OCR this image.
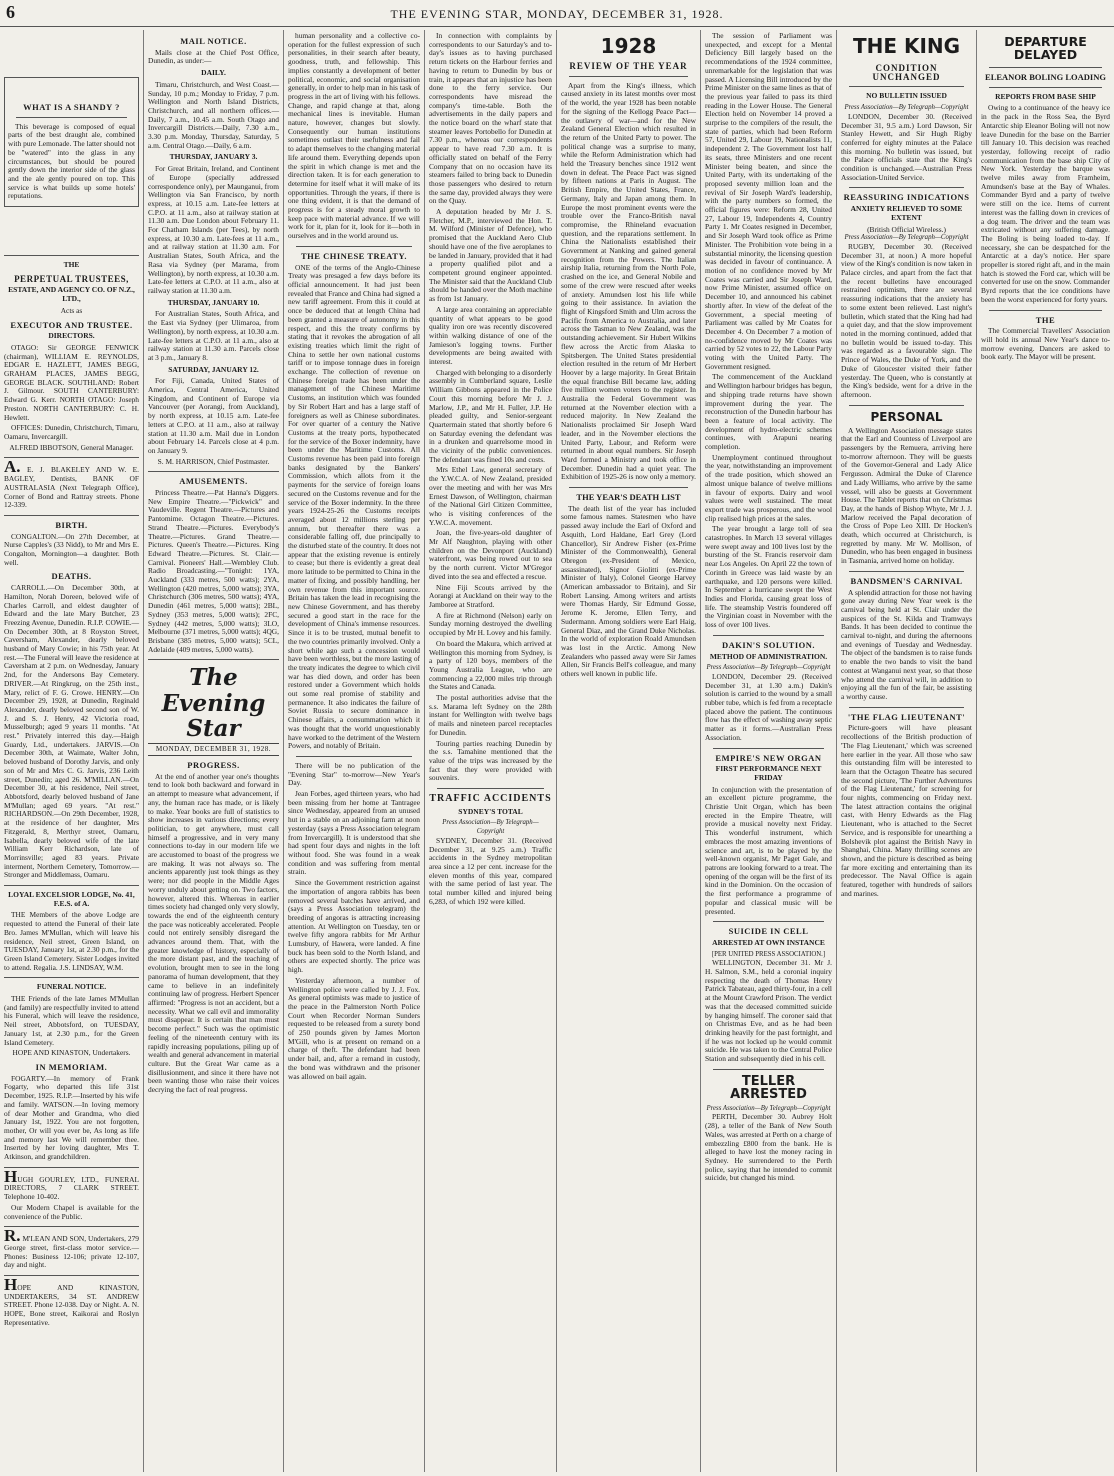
6	THE EVENING STAR, MONDAY, DECEMBER 31, 1928.
WHAT IS A SHANDY ?

This beverage is composed of equal parts of the best draught ale, combined with pure Lemonade. The latter should not be "watered" into the glass in any circumstances, but should be poured gently down the interior side of the glass and the ale gently poured on top. This service is what builds up some hotels' reputations.

THE
PERPETUAL TRUSTEES,
ESTATE, AND AGENCY CO. OF N.Z., LTD.,
Acts as
EXECUTOR AND TRUSTEE.
DIRECTORS.

OTAGO: Sir GEORGE FENWICK (chairman), WILLIAM E. REYNOLDS, EDGAR E. HAZLETT, JAMES BEGG, GRAHAM PLACES, JAMES BEGG, GEORGE BLACK. SOUTHLAND: Robert J. Gilmour. SOUTH CANTERBURY: Edward G. Kerr. NORTH OTAGO: Joseph Preston. NORTH CANTERBURY: C. H. Hewlett.

OFFICES: Dunedin, Christchurch, Timaru, Oamaru, Invercargill.

ALFRED IBBOTSON, General Manager.

A. E. J. BLAKELEY AND W. E. BAGLEY, Dentists, BANK OF AUSTRALASIA (Next Telegraph Office), Corner of Bond and Rattray streets. Phone 12-339.

BIRTH.

CONGALTON.—On 27th December, at Nurse Capples's (33 Nidd), to Mr and Mrs E. Congalton, Mornington—a daughter. Both well.

DEATHS.

CARROLL.—On December 30th, at Hamilton, Norah Doreen, beloved wife of Charles Carroll, and eldest daughter of Edward and the late Mary Butcher, 23 Freezing Avenue, Dunedin. R.I.P. COWIE.—On December 30th, at 8 Royston Street, Caversham, Alexander, dearly beloved husband of Mary Cowie; in his 75th year. At rest.—The Funeral will leave the residence at Caversham at 2 p.m. on Wednesday, January 2nd, for the Andersons Bay Cemetery. DRIVER.—At Ringkrug, on the 25th inst., Mary, relict of F. G. Crowe. HENRY.—On December 29, 1928, at Dunedin, Reginald Alexander, dearly beloved second son of W. J. and S. J. Henry, 42 Victoria road, Musselburgh; aged 9 years 11 months. "At rest." Privately interred this day.—Haigh Guardy, Ltd., undertakers. JARVIS.—On December 30th, at Waimate, Walter John, beloved husband of Dorothy Jarvis, and only son of Mr and Mrs C. G. Jarvis, 236 Leith street, Dunedin; aged 26. M'MILLAN.—On December 30, at his residence, Neil street, Abbotsford, dearly beloved husband of Jane M'Mullan; aged 69 years. "At rest." RICHARDSON.—On 29th December, 1928, at the residence of her daughter, Mrs Fitzgerald, 8, Merthyr street, Oamaru, Isabella, dearly beloved wife of the late William Kerr Richardson, late of Morrinsville; aged 83 years. Private interment, Northern Cemetery, Tomorrow.—Stronger and Middlemass, Oamaru.

LOYAL EXCELSIOR LODGE, No. 41, F.E.S. of A.

THE Members of the above Lodge are requested to attend the Funeral of their late Bro. James M'Mullan, which will leave his residence, Neil street, Green Island, on TUESDAY, January 1st, at 2.30 p.m., for the Green Island Cemetery. Sister Lodges invited to attend. Regalia. J.S. LINDSAY, W.M.

FUNERAL NOTICE.

THE Friends of the late James M'Mullan (and family) are respectfully invited to attend his Funeral, which will leave the residence, Neil street, Abbotsford, on TUESDAY, January 1st, at 2.30 p.m., for the Green Island Cemetery.

HOPE AND KINASTON, Undertakers.
IN MEMORIAM.

FOGARTY.—In memory of Frank Fogarty, who departed this life 31st December, 1925. R.I.P.—Inserted by his wife and family. WATSON.—In loving memory of dear Mother and Grandma, who died January 1st, 1922. You are not forgotten, mother, Or will you ever be, As long as life and memory last We will remember thee. Inserted by her loving daughter, Mrs T. Atkinson, and grandchildren.

HUGH GOURLEY, LTD., FUNERAL DIRECTORS, 7 CLARK STREET. Telephone 10-402.

Our Modern Chapel is available for the convenience of the Public.

R. M'LEAN AND SON, Undertakers, 279 George street, first-class motor service.—Phones: Business 12-106; private 12-107, day and night.

HOPE AND KINASTON, UNDERTAKERS, 34 ST. ANDREW STREET. Phone 12-038. Day or Night. A. N. HOPE, Bone street, Kaikorai and Roslyn Representative.

MAIL NOTICE.

Mails close at the Chief Post Office, Dunedin, as under:—

DAILY.

Timaru, Christchurch, and West Coast.—Sunday, 10 p.m.; Monday to Friday, 7 p.m. Wellington and North Island Districts, Christchurch, and all northern offices.—Daily, 7 a.m., 10.45 a.m. South Otago and Invercargill Districts.—Daily, 7.30 a.m., 3.30 p.m. Monday, Thursday, Saturday, 5 a.m. Central Otago.—Daily, 6 a.m.

THURSDAY, JANUARY 3.

For Great Britain, Ireland, and Continent of Europe (specially addressed correspondence only), per Maunganui, from Wellington via San Francisco, by north express, at 10.15 a.m. Late-fee letters at C.P.O. at 11 a.m., also at railway station at 11.30 a.m. Due London about February 11. For Chatham Islands (per Tees), by north express, at 10.30 a.m. Late-fees at 11 a.m., and at railway station at 11.30 a.m. For Australian States, South Africa, and the Rasa via Sydney (per Marama, from Wellington), by north express, at 10.30 a.m. Late-fee letters at C.P.O. at 11 a.m., also at railway station at 11.30 a.m.

THURSDAY, JANUARY 10.

For Australian States, South Africa, and the East via Sydney (per Ulimaroa, from Wellington), by north express, at 10.30 a.m. Late-fee letters at C.P.O. at 11 a.m., also at railway station at 11.30 a.m. Parcels close at 3 p.m., January 8.

SATURDAY, JANUARY 12.

For Fiji, Canada, United States of America, Central America, United Kingdom, and Continent of Europe via Vancouver (per Aorangi, from Auckland), by north express, at 10.15 a.m. Late-fee letters at C.P.O. at 11 a.m., also at railway station at 11.30 a.m. Mail due in London about February 14. Parcels close at 4 p.m. on January 9.

S. M. HARRISON, Chief Postmaster.
AMUSEMENTS.

Princess Theatre.—Pat Hanna's Diggers. New Empire Theatre.—"Pickwick" and Vaudeville. Regent Theatre.—Pictures and Pantomime. Octagon Theatre.—Pictures. Strand Theatre.—Pictures. Everybody's Theatre.—Pictures. Grand Theatre.—Pictures. Queen's Theatre.—Pictures. King Edward Theatre.—Pictures. St. Clair.—Carnival. Pioneers' Hall.—Wembley Club. Radio Broadcasting.—"Tonight: 1YA, Auckland (333 metres, 500 watts); 2YA, Wellington (420 metres, 5,000 watts); 3YA, Christchurch (306 metres, 500 watts); 4YA, Dunedin (461 metres, 5,000 watts); 2BL, Sydney (353 metres, 5,000 watts); 2FC, Sydney (442 metres, 5,000 watts); 3LO, Melbourne (371 metres, 5,000 watts); 4QG, Brisbane (385 metres, 5,000 watts); 5CL, Adelaide (409 metres, 5,000 watts).

The Evening Star
MONDAY, DECEMBER 31, 1928.
PROGRESS.

At the end of another year one's thoughts tend to look both backward and forward in an attempt to measure what advancement, if any, the human race has made, or is likely to make. Year books are full of statistics to show increases in various directions; every politician, to get anywhere, must call himself a progressive, and in very many connections to-day in our modern life we are accustomed to boast of the progress we are making. It was not always so. The ancients apparently just took things as they were; nor did people in the Middle Ages worry unduly about getting on. Two factors, however, altered this. Whereas in earlier times society had changed only very slowly, towards the end of the eighteenth century the pace was noticeably accelerated. People could not entirely sensibly disregard the advances around them. That, with the greater knowledge of history, especially of the more distant past, and the teaching of evolution, brought men to see in the long panorama of human development, that they came to believe in an indefinitely continuing law of progress. Herbert Spencer affirmed: "Progress is not an accident, but a necessity. What we call evil and immorality must disappear. It is certain that man must become perfect." Such was the optimistic feeling of the nineteenth century with its rapidly increasing populations, piling up of wealth and general advancement in material culture. But the Great War came as a disillusionment, and since it there have not been wanting those who raise their voices decrying the fact of real progress.

human personality and a collective co-operation for the fullest expression of such personalities, in their search after beauty, goodness, truth, and fellowship. This implies constantly a development of better political, economic, and social organisation generally, in order to help man in his task of progress in the art of living with his fellows. Change, and rapid change at that, along mechanical lines is inevitable. Human nature, however, changes but slowly. Consequently our human institutions sometimes outlast their usefulness and fail to adapt themselves to the changing material life around them. Everything depends upon the spirit in which change is met and the direction taken. It is for each generation to determine for itself what it will make of its opportunities. Through the years, if there is one thing evident, it is that the demand of progress is for a steady moral growth to keep pace with material advance. If we will work for it, plan for it, look for it—both in ourselves and in the world around us.

THE CHINESE TREATY.

ONE of the terms of the Anglo-Chinese Treaty was presaged a few days before its official announcement. It had just been revealed that France and China had signed a new tariff agreement. From this it could at once be deduced that at length China had been granted a measure of autonomy in this respect, and this the treaty confirms by stating that it revokes the abrogation of all existing treaties which limit the right of China to settle her own national customs tariff or to impose tonnage dues in foreign exchange. The collection of revenue on Chinese foreign trade has been under the management of the Chinese Maritime Customs, an institution which was founded by Sir Robert Hart and has a large staff of foreigners as well as Chinese subordinates. For over quarter of a century the Native Customs at the treaty ports, hypothecated for the service of the Boxer indemnity, have been under the Maritime Customs. All Customs revenue has been paid into foreign banks designated by the Bankers' Commission, which allots from it the payments for the service of foreign loans secured on the Customs revenue and for the service of the Boxer indemnity. In the three years 1924-25-26 the Customs receipts averaged about 12 millions sterling per annum, but thereafter there was a considerable falling off, due principally to the disturbed state of the country. It does not appear that the existing revenue is entirely to cease; but there is evidently a great deal more latitude to be permitted to China in the matter of fixing, and possibly handling, her own revenue from this important source. Britain has taken the lead in recognising the new Chinese Government, and has thereby secured a good start in the race for the development of China's immense resources. Since it is to be trusted, mutual benefit to the two countries primarily involved. Only a short while ago such a concession would have been worthless, but the more lasting of the treaty indicates the degree to which civil war has died down, and order has been restored under a Government which holds out some real promise of stability and permanence. It also indicates the failure of Soviet Russia to secure dominance in Chinese affairs, a consummation which it was thought that the world unquestionably have worked to the detriment of the Western Powers, and notably of Britain.

There will be no publication of the "Evening Star" to-morrow—New Year's Day.

Jean Forbes, aged thirteen years, who had been missing from her home at Tantragee since Wednesday, appeared from an unused hut in a stable on an adjoining farm at noon yesterday (says a Press Association telegram from Invercargill). It is understood that she had spent four days and nights in the loft without food. She was found in a weak condition and was suffering from mental strain.

Since the Government restriction against the importation of angora rabbits has been removed several batches have arrived, and (says a Press Association telegram) the breeding of angoras is attracting increasing attention. At Wellington on Tuesday, ten or twelve fifty angora rabbits for Mr Arthur Lumsbury, of Hawera, were landed. A fine buck has been sold to the North Island, and others are expected shortly. The price was high.

Yesterday afternoon, a number of Wellington police were called by J. J. Fox. As general optimists was made to justice of the peace in the Palmerston North Police Court when Recorder Norman Sunders requested to be released from a surety bond of 250 pounds given by James Morton M'Gill, who is at present on remand on a charge of theft. The defendant had been under bail, and, after a remand in custody, the bond was withdrawn and the prisoner was allowed on bail again.

In connection with complaints by correspondents to our Saturday's and to-day's issues as to having purchased return tickets on the Harbour ferries and having to return to Dunedin by bus or train, it appears that an injustice has been done to the ferry service. Our correspondents have misread the company's time-table. Both the advertisements in the daily papers and the notice board on the wharf state that steamer leaves Portobello for Dunedin at 7.30 p.m., whereas our correspondents appear to have read 7.30 a.m. It is officially stated on behalf of the Ferry Company that on no occasion have its steamers failed to bring back to Dunedin those passengers who desired to return the same day, provided always they were on the Quay.

A deputation headed by Mr J. S. Fletcher, M.P., interviewed the Hon. T. M. Wilford (Minister of Defence), who promised that the Auckland Aero Club should have one of the five aeroplanes to be landed in January, provided that it had a property qualified pilot and a competent ground engineer appointed. The Minister said that the Auckland Club should be handed over the Moth machine as from 1st January.

A large area containing an appreciable quantity of what appears to be good quality iron ore was recently discovered within walking distance of one of the Jamieson's logging towns. Further developments are being awaited with interest.

Charged with belonging to a disorderly assembly in Cumberland square, Leslie William Gibbons appeared in the Police Court this morning before Mr J. J. Marlow, J.P., and Mr H. Fuller, J.P. He pleaded guilty, and Senior-sergeant Quartermain stated that shortly before 6 on Saturday evening the defendant was in a drunken and quarrelsome mood in the vicinity of the public conveniences. The defendant was fined 10s and costs.

Mrs Ethel Law, general secretary of the Y.W.C.A. of New Zealand, presided over the meeting and with her was Mrs Ernest Dawson, of Wellington, chairman of the National Girl Citizen Committee, who is visiting conferences of the Y.W.C.A. movement.

Joan, the five-years-old daughter of Mr Alf Naughton, playing with other children on the Devonport (Auckland) waterfront, was being rowed out to sea by the north current. Victor M'Gregor dived into the sea and effected a rescue.

Nine Fiji Scouts arrived by the Aorangi at Auckland on their way to the Jamboree at Stratford.

A fire at Richmond (Nelson) early on Sunday morning destroyed the dwelling occupied by Mr H. Lovey and his family.

On board the Makura, which arrived at Wellington this morning from Sydney, is a party of 120 boys, members of the Young Australia League, who are commencing a 22,000 miles trip through the States and Canada.

The postal authorities advise that the s.s. Marama left Sydney on the 28th instant for Wellington with twelve bags of mails and nineteen parcel receptacles for Dunedin.

Touring parties reaching Dunedin by the s.s. Tamahine mentioned that the value of the trips was increased by the fact that they were provided with souvenirs.

TRAFFIC ACCIDENTS
SYDNEY'S TOTAL
Press Association—By Telegraph—Copyright

SYDNEY, December 31. (Received December 31, at 9.25 a.m.) Traffic accidents in the Sydney metropolitan area since a 12 per cent. increase for the eleven months of this year, compared with the same period of last year. The total number killed and injured being 6,283, of which 192 were killed.

1928
REVIEW OF THE YEAR

Apart from the King's illness, which caused anxiety in its latest months over most of the world, the year 1928 has been notable for the signing of the Kellogg Peace Pact—the outlawry of war—and for the New Zealand General Election which resulted in the return of the United Party to power. The political change was a surprise to many, while the Reform Administration which had held the Treasury benches since 1912 went down in defeat. The Peace Pact was signed by fifteen nations at Paris in August. The British Empire, the United States, France, Germany, Italy and Japan among them. In Europe the most prominent events were the trouble over the Franco-British naval compromise, the Rhineland evacuation question, and the reparations settlement. In China the Nationalists established their Government at Nanking and gained general recognition from the Powers. The Italian airship Italia, returning from the North Pole, crashed on the ice, and General Nobile and some of the crew were rescued after weeks of anxiety. Amundsen lost his life while going to their assistance. In aviation the flight of Kingsford Smith and Ulm across the Pacific from America to Australia, and later across the Tasman to New Zealand, was the outstanding achievement. Sir Hubert Wilkins flew across the Arctic from Alaska to Spitsbergen. The United States presidential election resulted in the return of Mr Herbert Hoover by a large majority. In Great Britain the equal franchise Bill became law, adding five million women voters to the register. In Australia the Federal Government was returned at the November election with a reduced majority. In New Zealand the Nationalists proclaimed Sir Joseph Ward leader, and in the November elections the United Party, Labour, and Reform were returned in about equal numbers. Sir Joseph Ward formed a Ministry and took office in December. Dunedin had a quiet year. The Exhibition of 1925-26 is now only a memory.

THE YEAR'S DEATH LIST

The death list of the year has included some famous names. Statesmen who have passed away include the Earl of Oxford and Asquith, Lord Haldane, Earl Grey (Lord Chancellor), Sir Andrew Fisher (ex-Prime Minister of the Commonwealth), General Obregon (ex-President of Mexico, assassinated), Signor Giolitti (ex-Prime Minister of Italy), Colonel George Harvey (American ambassador to Britain), and Sir Robert Lansing. Among writers and artists were Thomas Hardy, Sir Edmund Gosse, Jerome K. Jerome, Ellen Terry, and Sudermann. Among soldiers were Earl Haig, General Diaz, and the Grand Duke Nicholas. In the world of exploration Roald Amundsen was lost in the Arctic. Among New Zealanders who passed away were Sir James Allen, Sir Francis Bell's colleague, and many others well known in public life.

The session of Parliament was unexpected, and except for a Mental Deficiency Bill largely based on the recommendations of the 1924 committee, unremarkable for the legislation that was passed. A Licensing Bill introduced by the Prime Minister on the same lines as that of the previous year failed to pass its third reading in the Lower House. The General Election held on November 14 proved a surprise to the compilers of the result, the state of parties, which had been Reform 57, United 29, Labour 19, Nationalists 11, independent 2. The Government lost half its seats, three Ministers and one recent Minister being beaten, and since the United Party, with its undertaking of the proposed seventy million loan and the revival of Sir Joseph Ward's leadership, with the party numbers so formed, the official figures were: Reform 28, United 27, Labour 19, Independents 4, Country Party 1. Mr Coates resigned in December, and Sir Joseph Ward took office as Prime Minister. The Prohibition vote being in a substantial minority, the licensing question was decided in favour of continuance. A motion of no confidence moved by Mr Coates was carried and Sir Joseph Ward, now Prime Minister, assumed office on December 10, and announced his cabinet shortly after. In view of the defeat of the Government, a special meeting of Parliament was called by Mr Coates for December 4. On December 7 a motion of no-confidence moved by Mr Coates was carried by 52 votes to 22, the Labour Party voting with the United Party. The Government resigned.

The commencement of the Auckland and Wellington harbour bridges has begun, and shipping trade returns have shown improvement during the year. The reconstruction of the Dunedin harbour has been a feature of local activity. The development of hydro-electric schemes continues, with Arapuni nearing completion.

Unemployment continued throughout the year, notwithstanding an improvement of the trade position, which showed an almost unique balance of twelve millions in favour of exports. Dairy and wool values were well sustained. The meat export trade was prosperous, and the wool clip realised high prices at the sales.

The year brought a large toll of sea catastrophes. In March 13 several villages were swept away and 100 lives lost by the bursting of the St. Francis reservoir dam near Los Angeles. On April 22 the town of Corinth in Greece was laid waste by an earthquake, and 120 persons were killed. In September a hurricane swept the West Indies and Florida, causing great loss of life. The steamship Vestris foundered off the Virginian coast in November with the loss of over 100 lives.

DAKIN'S SOLUTION.
METHOD OF ADMINISTRATION.
Press Association—By Telegraph—Copyright

LONDON, December 29. (Received December 31, at 1.30 a.m.) Dakin's solution is carried to the wound by a small rubber tube, which is fed from a receptacle placed above the patient. The continuous flow has the effect of washing away septic matter as it forms.—Australian Press Association.

EMPIRE'S NEW ORGAN
FIRST PERFORMANCE NEXT FRIDAY

In conjunction with the presentation of an excellent picture programme, the Christie Unit Organ, which has been erected in the Empire Theatre, will provide a musical novelty next Friday. This wonderful instrument, which embraces the most amazing inventions of science and art, is to be played by the well-known organist, Mr Paget Gale, and patrons are looking forward to a treat. The opening of the organ will be the first of its kind in the Dominion. On the occasion of the first performance a programme of popular and classical music will be presented.

SUICIDE IN CELL
ARRESTED AT OWN INSTANCE
[PER UNITED PRESS ASSOCIATION.]

WELLINGTON, December 31. Mr J. H. Salmon, S.M., held a coronial inquiry respecting the death of Thomas Henry Patrick Tabateau, aged thirty-four, in a cell at the Mount Crawford Prison. The verdict was that the deceased committed suicide by hanging himself. The coroner said that on Christmas Eve, and as he had been drinking heavily for the past fortnight, and if he was not locked up he would commit suicide. He was taken to the Central Police Station and subsequently died in his cell.

TELLER ARRESTED
Press Association—By Telegraph—Copyright

PERTH, December 30. Aubrey Holt (28), a teller of the Bank of New South Wales, was arrested at Perth on a charge of embezzling £800 from the bank. He is alleged to have lost the money racing in Sydney. He surrendered to the Perth police, saying that he intended to commit suicide, but changed his mind.

THE KING
CONDITION UNCHANGED
NO BULLETIN ISSUED
Press Association—By Telegraph—Copyright

LONDON, December 30. (Received December 31, 9.5 a.m.) Lord Dawson, Sir Stanley Hewett, and Sir Hugh Rigby conferred for eighty minutes at the Palace this morning. No bulletin was issued, but the Palace officials state that the King's condition is unchanged.—Australian Press Association-United Service.

REASSURING INDICATIONS
ANXIETY RELIEVED TO SOME EXTENT
(British Official Wireless.)
Press Association—By Telegraph—Copyright

RUGBY, December 30. (Received December 31, at noon.) A more hopeful view of the King's condition is now taken in Palace circles, and apart from the fact that the recent bulletins have encouraged restrained optimism, there are several reassuring indications that the anxiety has to some extent been relieved. Last night's bulletin, which stated that the King had had a quiet day, and that the slow improvement noted in the morning continued, added that no bulletin would be issued to-day. This was regarded as a favourable sign. The Prince of Wales, the Duke of York, and the Duke of Gloucester visited their father yesterday. The Queen, who is constantly at the King's bedside, went for a drive in the afternoon.

PERSONAL

A Wellington Association message states that the Earl and Countess of Liverpool are passengers by the Remuera, arriving here to-morrow afternoon. They will be guests of the Governor-General and Lady Alice Fergusson. Admiral the Duke of Clarence and Lady Williams, who arrive by the same vessel, will also be guests at Government House. The Tablet reports that on Christmas Day, at the hands of Bishop Whyte, Mr J. J. Marlow received the Papal decoration of the Cross of Pope Leo XIII. Dr Hocken's death, which occurred at Christchurch, is regretted by many. Mr W. Mollison, of Dunedin, who has been engaged in business in Tasmania, arrived home on holiday.

BANDSMEN'S CARNIVAL

A splendid attraction for those not having gone away during New Year week is the carnival being held at St. Clair under the auspices of the St. Kilda and Tramways Bands. It has been decided to continue the carnival to-night, and during the afternoons and evenings of Tuesday and Wednesday. The object of the bandsmen is to raise funds to enable the two bands to visit the band contest at Wanganui next year, so that those who attend the carnival will, in addition to enjoying all the fun of the fair, be assisting a worthy cause.

'THE FLAG LIEUTENANT'

Picture-goers will have pleasant recollections of the British production of 'The Flag Lieutenant,' which was screened here earlier in the year. All those who saw this outstanding film will be interested to learn that the Octagon Theatre has secured the second picture, 'The Further Adventures of the Flag Lieutenant,' for screening for four nights, commencing on Friday next. The latest attraction contains the original cast, with Henry Edwards as the Flag Lieutenant, who is attached to the Secret Service, and is responsible for unearthing a Bolshevik plot against the British Navy in Shanghai, China. Many thrilling scenes are shown, and the picture is described as being far more exciting and entertaining than its predecessor. The Naval Office is again featured, together with hundreds of sailors and marines.

DEPARTURE DELAYED
ELEANOR BOLING LOADING
REPORTS FROM BASE SHIP

Owing to a continuance of the heavy ice in the pack in the Ross Sea, the Byrd Antarctic ship Eleanor Boling will not now leave Dunedin for the base on the Barrier till January 10. This decision was reached yesterday, following receipt of radio communication from the base ship City of New York. Yesterday the barque was twelve miles away from Framheim, Amundsen's base at the Bay of Whales. Commander Byrd and a party of twelve were still on the ice. Items of current interest was the falling down in crevices of a dog team. The driver and the team was extricated without any suffering damage. The Boling is being loaded to-day. If necessary, she can be despatched for the Antarctic at a day's notice. Her spare propeller is stored right aft, and in the main hatch is stowed the Ford car, which will be converted for use on the snow. Commander Byrd reports that the ice conditions have been the worst experienced for forty years.

THE

The Commercial Travellers' Association will hold its annual New Year's dance to-morrow evening. Dancers are asked to book early. The Mayor will be present.
